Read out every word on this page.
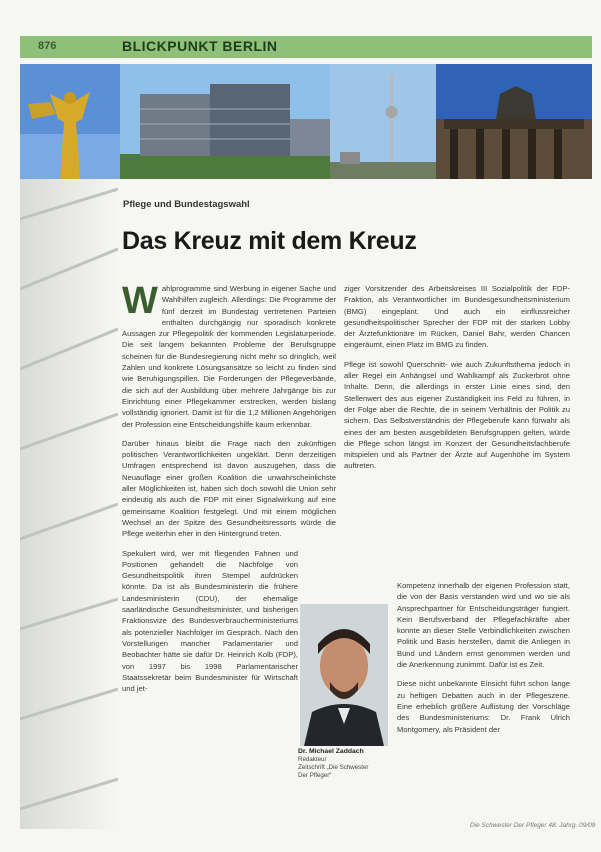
876	BLICKPUNKT BERLIN
Pflege und Bundestagswahl
Das Kreuz mit dem Kreuz

Wahlprogramme sind Werbung in eigener Sache und Wahlhilfen zugleich. Allerdings: Die Programme der fünf derzeit im Bundestag vertretenen Parteien enthalten durchgängig nur sporadisch konkrete Aussagen zur Pflegepolitik der kommenden Legislaturperiode. Die seit langem bekannten Probleme der Berufsgruppe scheinen für die Bundesregierung nicht mehr so dringlich, weil Zahlen und konkrete Lösungsansätze so leicht zu finden sind wie Beruhigungspillen. Die Forderungen der Pflegeverbände, die sich auf der Ausbildung über mehrere Jahrgänge bis zur Einrichtung einer Pflegekammer erstrecken, werden bislang vollständig ignoriert. Damit ist für die 1,2 Millionen Angehörigen der Profession eine Entscheidungshilfe kaum erkennbar.

Darüber hinaus bleibt die Frage nach den zukünftigen politischen Verantwortlichkeiten ungeklärt. Denn derzeitigen Umfragen entsprechend ist davon auszugehen, dass die Neuauflage einer großen Koalition die unwahrscheinlichste aller Möglichkeiten ist, haben sich doch sowohl die Union sehr eindeutig als auch die FDP mit einer Signalwirkung auf eine gemeinsame Koalition festgelegt. Und mit einem möglichen Wechsel an der Spitze des Gesundheitsressorts würde die Pflege weiterhin eher in den Hintergrund treten.

Spekuliert wird, wer mit fliegenden Fahnen und Positionen gehandelt die Nachfolge von Gesundheitspolitik ihren Stempel aufdrücken könnte. Da ist als Bundesministerin die frühere Landesministerin (CDU), der ehemalige saarländische Gesundheitsminister, und bisherigen Fraktionsvize des Bundesverbraucherministeriums als potenzieller Nachfolger im Gespräch. Nach den Vorstellungen mancher Parlamentarier und Beobachter hätte sie dafür Dr. Heinrich Kolb (FDP), von 1997 bis 1998 Parlamentarischer Staatssekretär beim Bundesminister für Wirtschaft und jet-

ziger Vorsitzender des Arbeitskreises III Sozialpolitik der FDP-Fraktion, als Verantwortlicher im Bundesgesundheitsministerium (BMG) eingeplant. Und auch ein einflussreicher gesundheitspolitischer Sprecher der FDP mit der starken Lobby der Ärztefunktionäre im Rücken, Daniel Bahr, werden Chancen eingeräumt, einen Platz im BMG zu finden.

Pflege ist sowohl Querschnitt- wie auch Zukunftsthema jedoch in aller Regel ein Anhängsel und Wahlkampf als Zuckerbrot ohne Inhalte. Denn, die allerdings in erster Linie eines sind, den Stellenwert des aus eigener Zuständigkeit ins Feld zu führen, in der Folge aber die Rechte, die in seinem Verhältnis der Politik zu sichern. Das Selbstverständnis der Pflegeberufe kann fürwahr als eines der am besten ausgebildeten Berufsgruppen gelten, würde die Pflege schon längst im Konzert der Gesundheitsfachberufe mitspielen und als Partner der Ärzte auf Augenhöhe im System auftreten.

Kompetenz innerhalb der eigenen Profession statt, die von der Basis verstanden wird und wo sie als Ansprechpartner für Entscheidungsträger fungiert. Kein Berufsverband der Pflegefachkräfte aber konnte an dieser Stelle Verbindlichkeiten zwischen Politik und Basis herstellen, damit die Anliegen in Bund und Ländern ernst genommen werden und die Anerkennung zunimmt. Dafür ist es Zeit.

Diese nicht unbekannte Einsicht führt schon lange zu heftigen Debatten auch in der Pflegeszene. Eine erheblich größere Auflistung der Vorschläge des Bundesministeriums: Dr. Frank Ulrich Montgomery, als Präsident der

Dr. Michael Zaddach
Redakteur
Zeitschrift „Die Schwester
Der Pfleger“
Die Schwester Der Pfleger 48. Jahrg. 09/09
